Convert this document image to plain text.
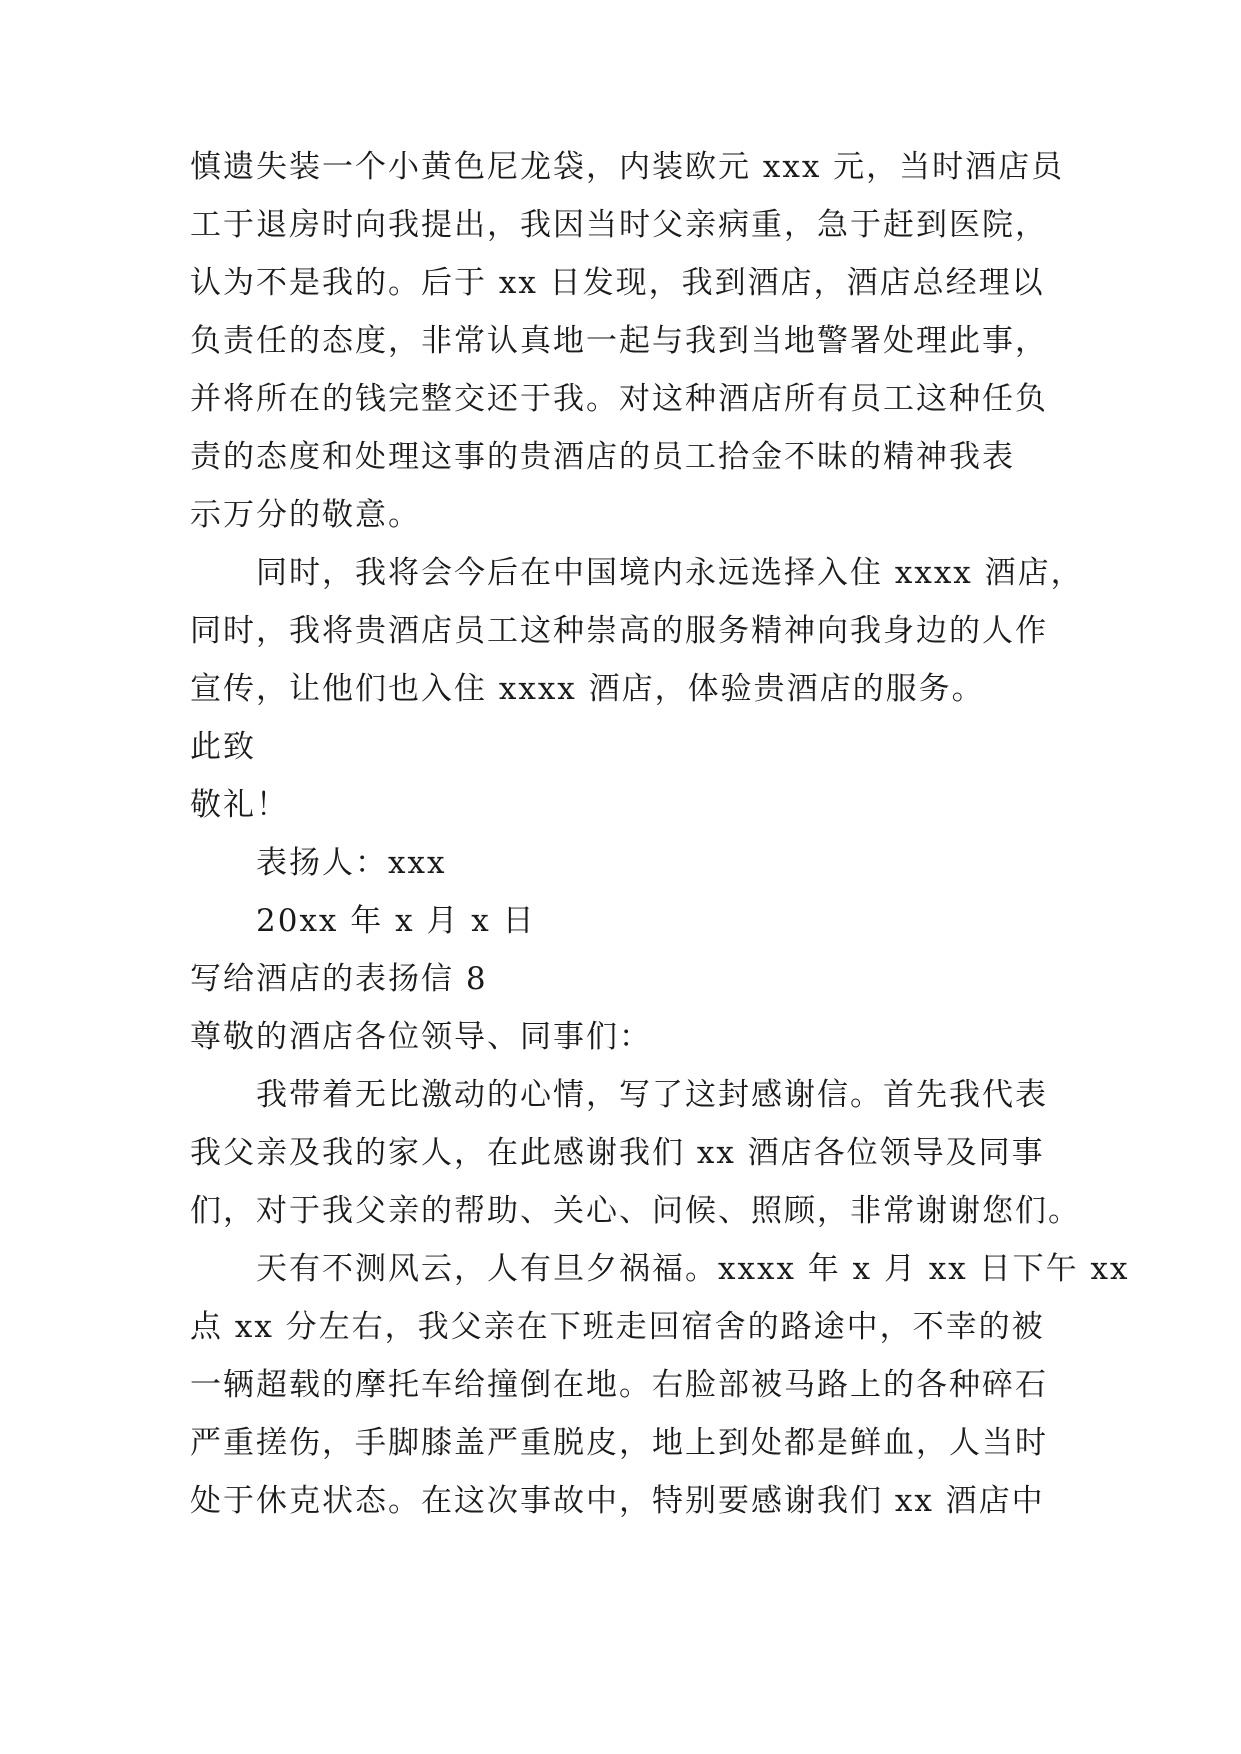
慎遗失装一个小黄色尼龙袋，内装欧元 xxx 元，当时酒店员
工于退房时向我提出，我因当时父亲病重，急于赶到医院，
认为不是我的。后于 xx 日发现，我到酒店，酒店总经理以
负责任的态度，非常认真地一起与我到当地警署处理此事，
并将所在的钱完整交还于我。对这种酒店所有员工这种任负
责的态度和处理这事的贵酒店的员工拾金不昧的精神我表
示万分的敬意。
同时，我将会今后在中国境内永远选择入住 xxxx 酒店，
同时，我将贵酒店员工这种崇高的服务精神向我身边的人作
宣传，让他们也入住 xxxx 酒店，体验贵酒店的服务。
此致
敬礼！
表扬人：xxx
20xx 年 x 月 x 日
写给酒店的表扬信 8
尊敬的酒店各位领导、同事们：
我带着无比激动的心情，写了这封感谢信。首先我代表
我父亲及我的家人，在此感谢我们 xx 酒店各位领导及同事
们，对于我父亲的帮助、关心、问候、照顾，非常谢谢您们。
天有不测风云，人有旦夕祸福。xxxx 年 x 月 xx 日下午 xx
点 xx 分左右，我父亲在下班走回宿舍的路途中，不幸的被
一辆超载的摩托车给撞倒在地。右脸部被马路上的各种碎石
严重搓伤，手脚膝盖严重脱皮，地上到处都是鲜血，人当时
处于休克状态。在这次事故中，特别要感谢我们 xx 酒店中
